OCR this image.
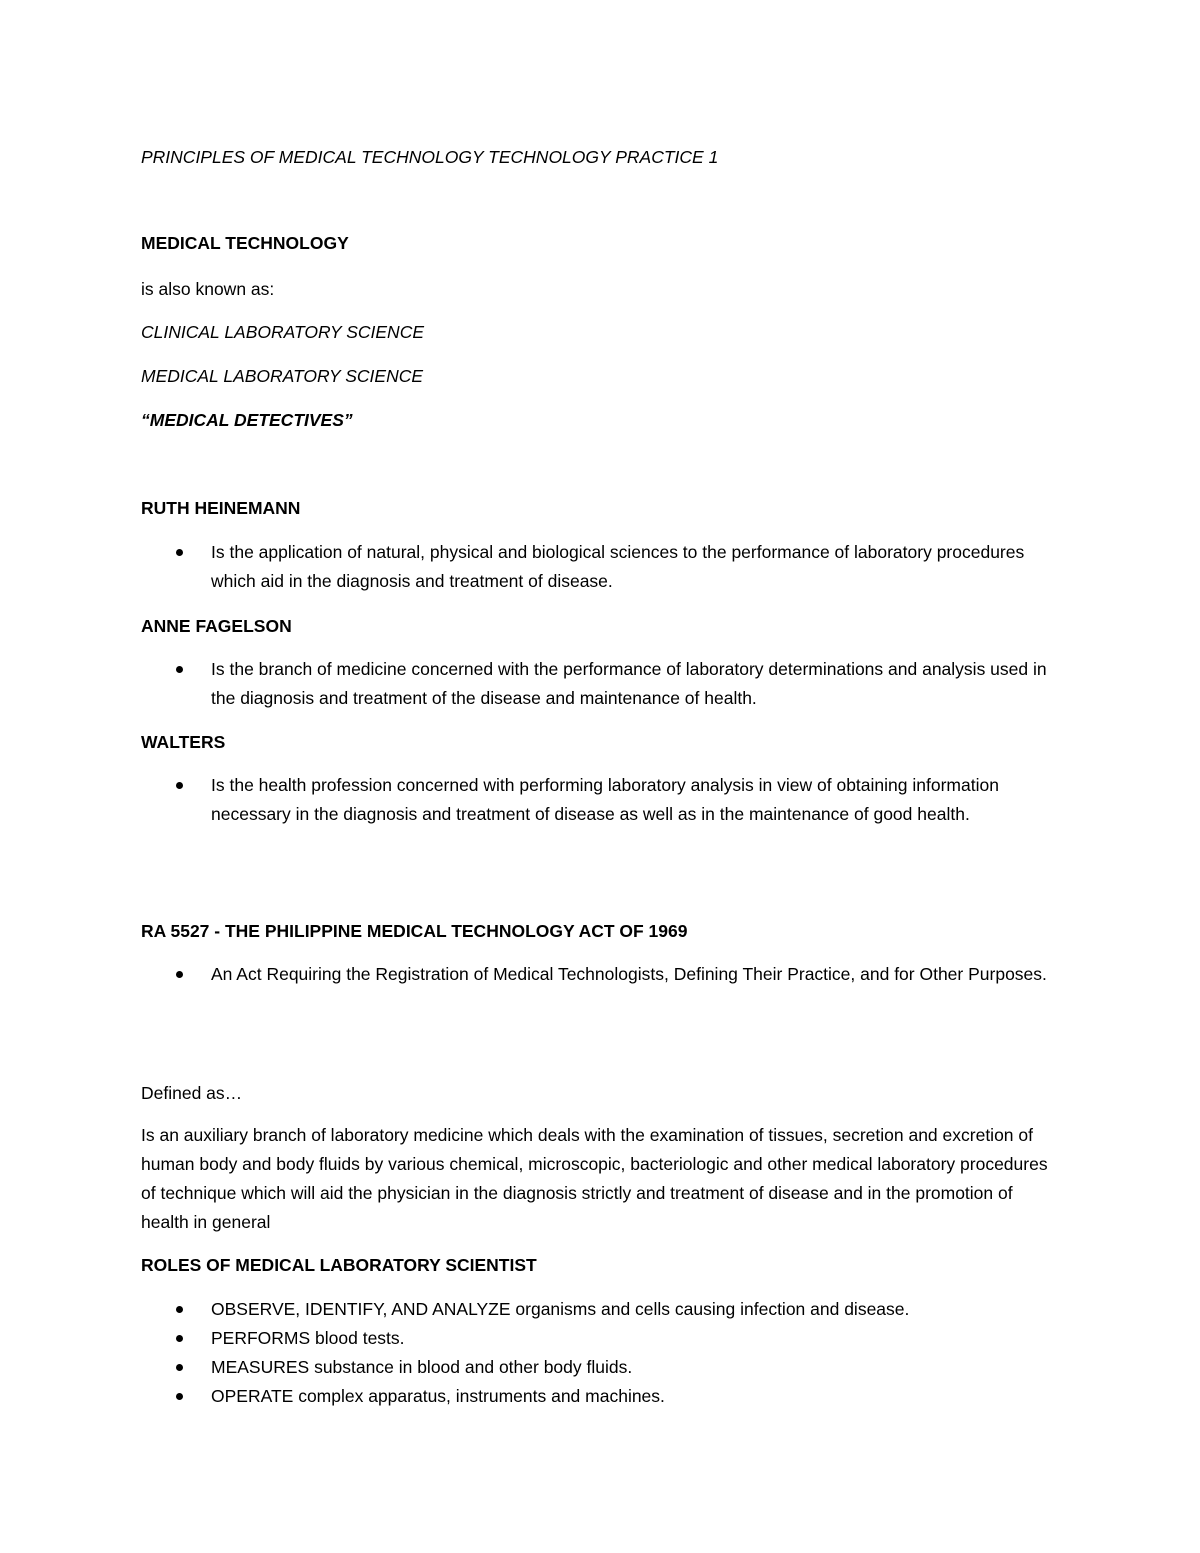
PRINCIPLES OF MEDICAL TECHNOLOGY TECHNOLOGY PRACTICE 1
MEDICAL TECHNOLOGY
is also known as:
CLINICAL LABORATORY SCIENCE
MEDICAL LABORATORY SCIENCE
“MEDICAL DETECTIVES”
RUTH HEINEMANN
Is the application of natural, physical and biological sciences to the performance of laboratory procedures which aid in the diagnosis and treatment of disease.
ANNE FAGELSON
Is the branch of medicine concerned with the performance of laboratory determinations and analysis used in the diagnosis and treatment of the disease and maintenance of health.
WALTERS
Is the health profession concerned with performing laboratory analysis in view of obtaining information necessary in the diagnosis and treatment of disease as well as in the maintenance of good health.
RA 5527 - THE PHILIPPINE MEDICAL TECHNOLOGY ACT OF 1969
An Act Requiring the Registration of Medical Technologists, Defining Their Practice, and for Other Purposes.
Defined as…
Is an auxiliary branch of laboratory medicine which deals with the examination of tissues, secretion and excretion of human body and body fluids by various chemical, microscopic, bacteriologic and other medical laboratory procedures of technique which will aid the physician in the diagnosis strictly and treatment of disease and in the promotion of health in general
ROLES OF MEDICAL LABORATORY SCIENTIST
OBSERVE, IDENTIFY, AND ANALYZE organisms and cells causing infection and disease.
PERFORMS blood tests.
MEASURES substance in blood and other body fluids.
OPERATE complex apparatus, instruments and machines.
